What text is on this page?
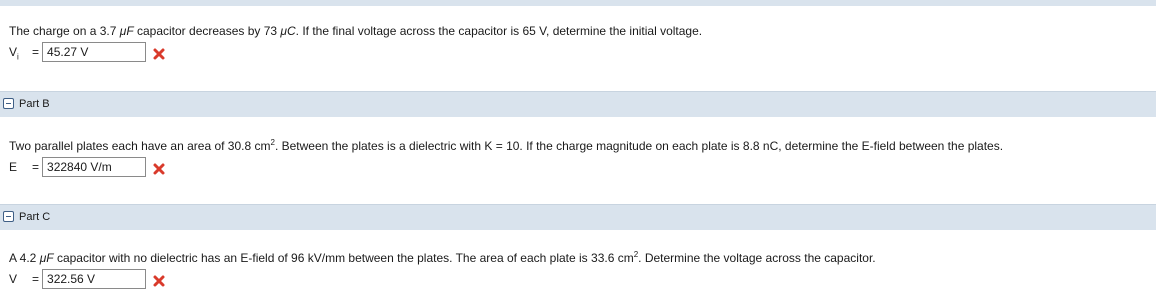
The charge on a 3.7 μF capacitor decreases by 73 μC. If the final voltage across the capacitor is 65 V, determine the initial voltage.
$V_i$	= 45.27 V
Part B
Two parallel plates each have an area of 30.8 $cm^2$. Between the plates is a dielectric with K = 10. If the charge magnitude on each plate is 8.8 nC, determine the E-field between the plates.
E	= 322840 V/m
Part C
A 4.2 μF capacitor with no dielectric has an E-field of 96 kV/mm between the plates. The area of each plate is 33.6 $cm^2$. Determine the voltage across the capacitor.
V	= 322.56 V
